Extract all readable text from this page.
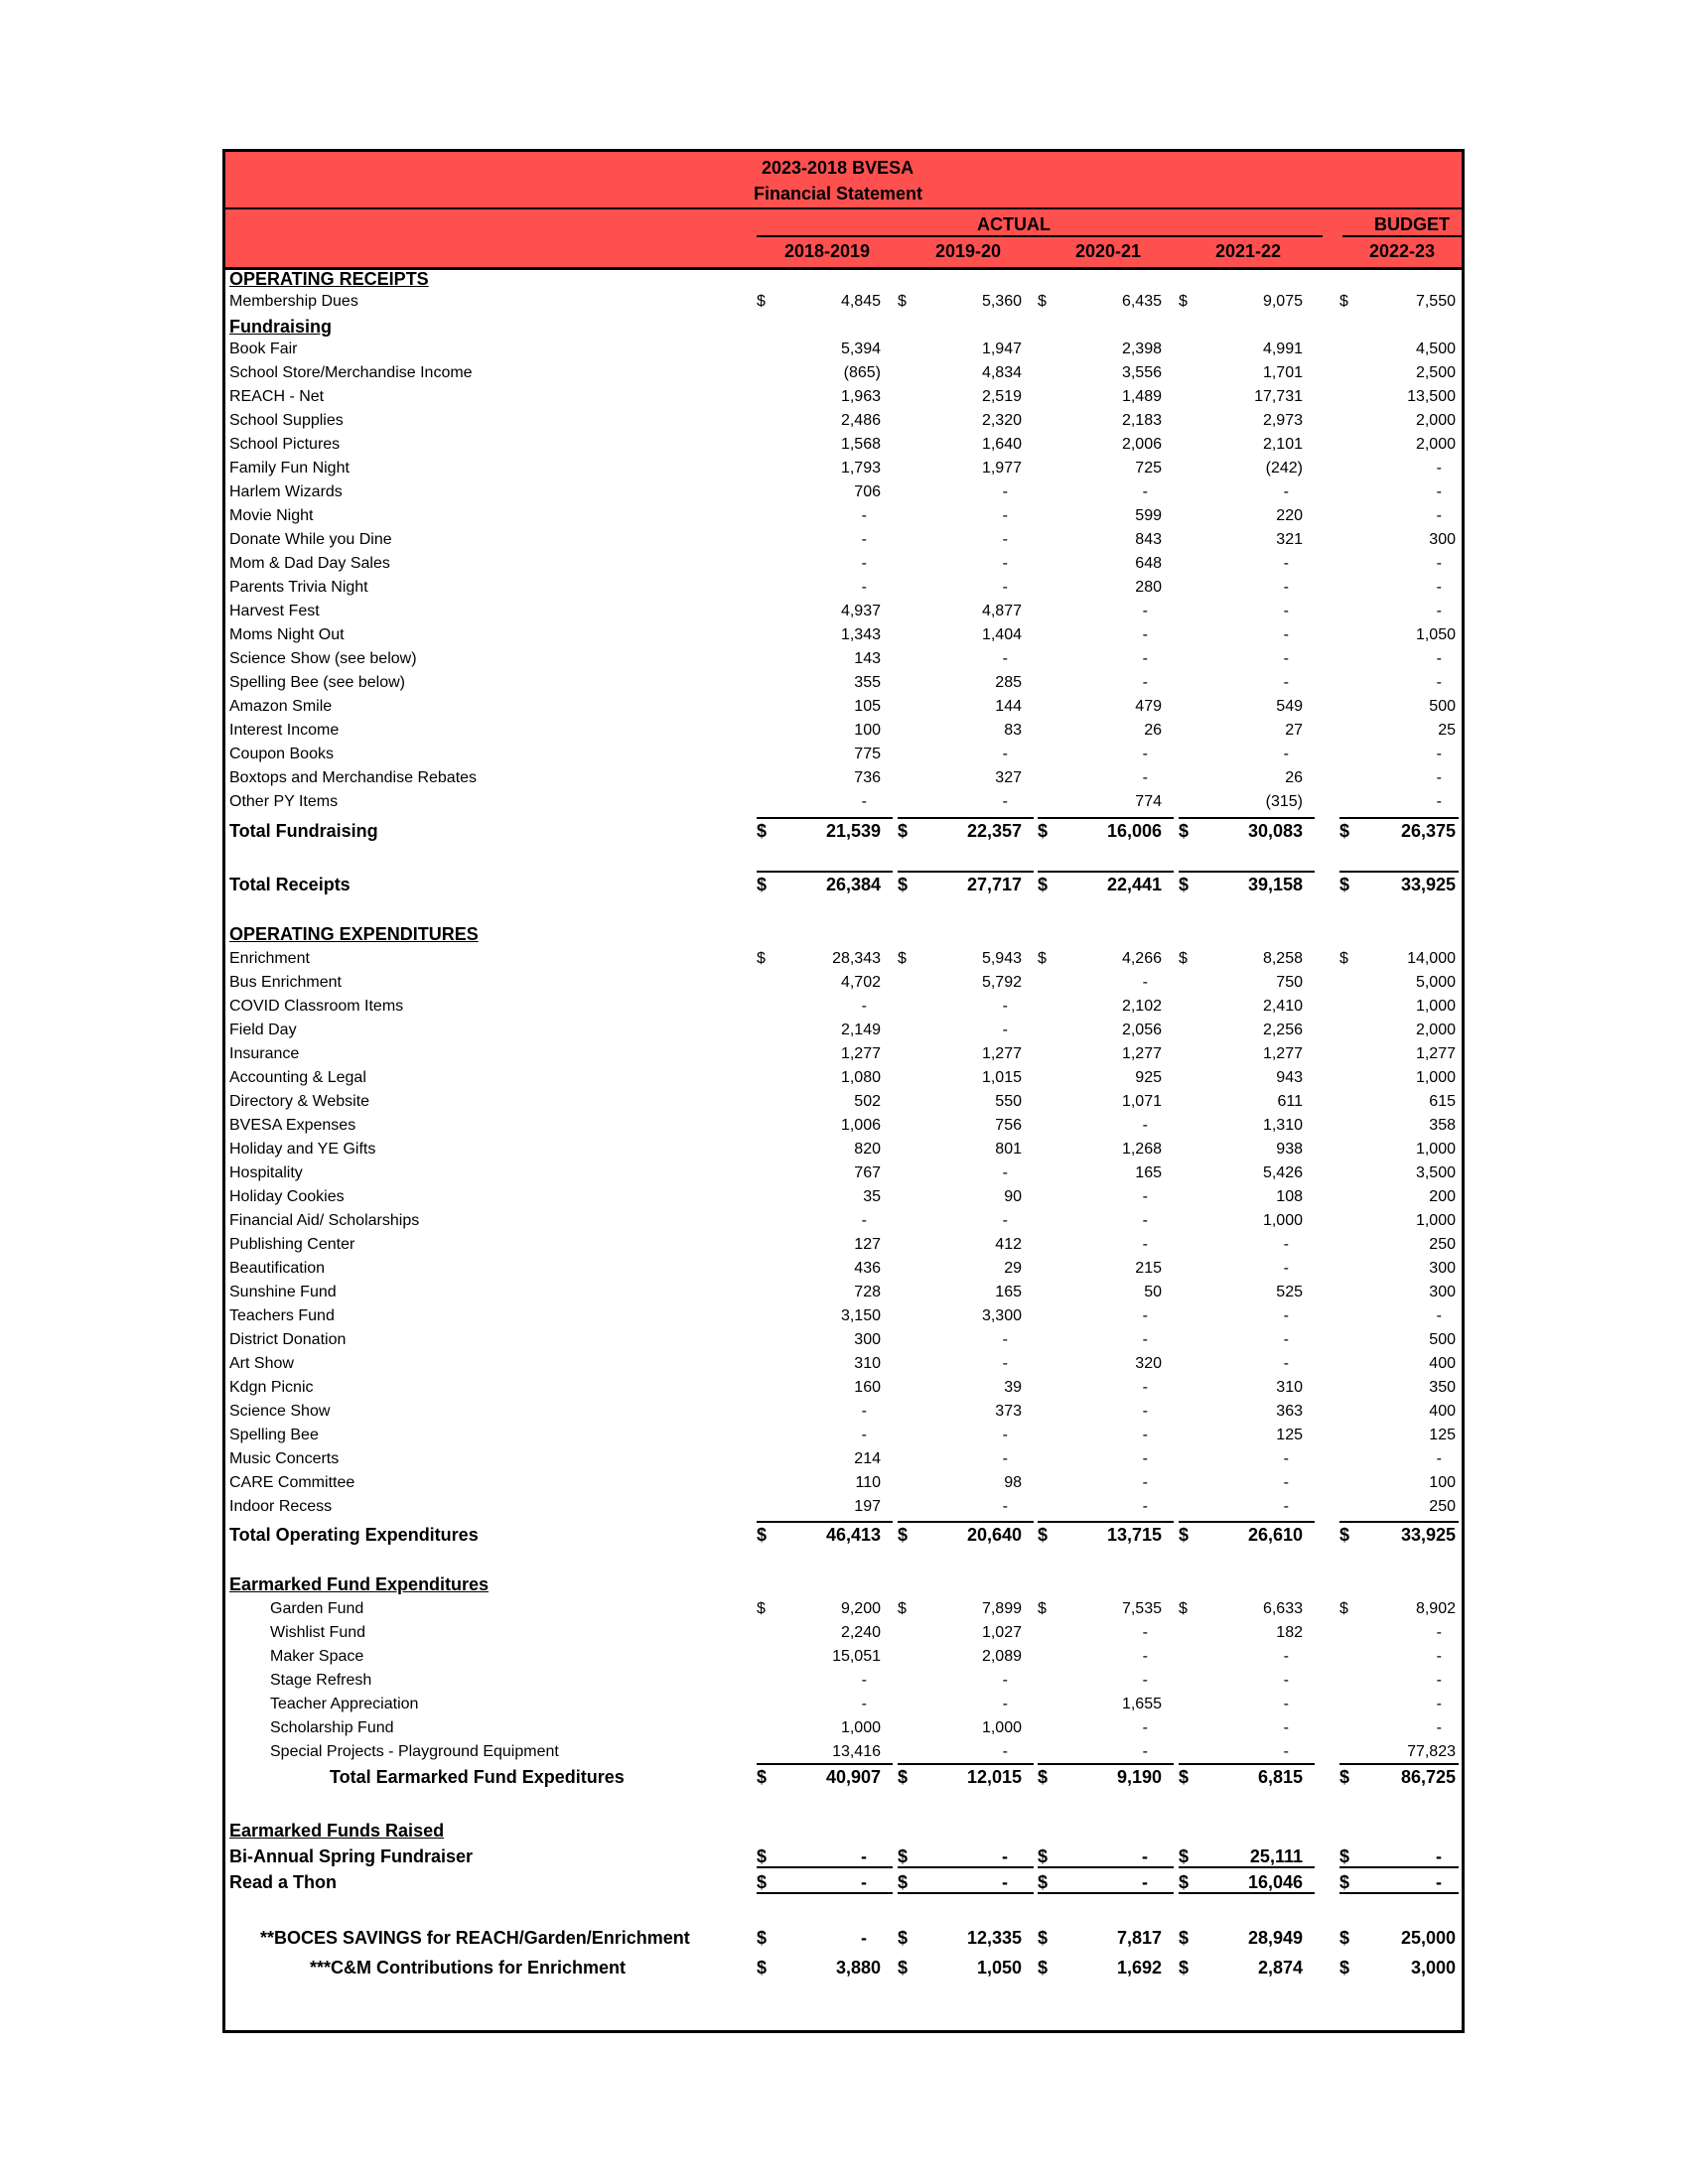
2023-2018 BVESA
Financial Statement
ACTUAL	BUDGET
2018-2019	2019-20	2020-21	2021-22	2022-23
OPERATING RECEIPTS
Membership Dues	$	4,845 $	5,360 $	6,435 $	9,075 $	7,550
Fundraising
Book Fair	5,394	1,947	2,398	4,991	4,500
School Store/Merchandise Income	(865)	4,834	3,556	1,701	2,500
REACH - Net	1,963	2,519	1,489	17,731	13,500
School Supplies	2,486	2,320	2,183	2,973	2,000
School Pictures	1,568	1,640	2,006	2,101	2,000
Family Fun Night	1,793	1,977	725	(242)	-
Harlem Wizards	706	-	-	-	-
Movie Night	-	-	599	220	-
Donate While you Dine	-	-	843	321	300
Mom & Dad Day Sales	-	-	648	-	-
Parents Trivia Night	-	-	280	-	-
Harvest Fest	4,937	4,877	-	-	-
Moms Night Out	1,343	1,404	-	-	1,050
Science Show (see below)	143	-	-	-	-
Spelling Bee (see below)	355	285	-	-	-
Amazon Smile	105	144	479	549	500
Interest Income	100	83	26	27	25
Coupon Books	775	-	-	-	-
Boxtops and Merchandise Rebates	736	327	-	26	-
Other PY Items	-	-	774	(315)	-
Total Fundraising	$	21,539 $	22,357 $	16,006 $	30,083 $	26,375
Total Receipts	$	26,384 $	27,717 $	22,441 $	39,158 $	33,925
OPERATING EXPENDITURES
Enrichment	$	28,343 $	5,943 $	4,266 $	8,258 $	14,000
Bus Enrichment	4,702	5,792	-	750	5,000
COVID Classroom Items	-	-	2,102	2,410	1,000
Field Day	2,149	-	2,056	2,256	2,000
Insurance	1,277	1,277	1,277	1,277	1,277
Accounting & Legal	1,080	1,015	925	943	1,000
Directory & Website	502	550	1,071	611	615
BVESA Expenses	1,006	756	-	1,310	358
Holiday and YE Gifts	820	801	1,268	938	1,000
Hospitality	767	-	165	5,426	3,500
Holiday Cookies	35	90	-	108	200
Financial Aid/ Scholarships	-	-	-	1,000	1,000
Publishing Center	127	412	-	-	250
Beautification	436	29	215	-	300
Sunshine Fund	728	165	50	525	300
Teachers Fund	3,150	3,300	-	-	-
District Donation	300	-	-	-	500
Art Show	310	-	320	-	400
Kdgn Picnic	160	39	-	310	350
Science Show	-	373	-	363	400
Spelling Bee	-	-	-	125	125
Music Concerts	214	-	-	-	-
CARE Committee	110	98	-	-	100
Indoor Recess	197	-	-	-	250
Total Operating Expenditures	$	46,413 $	20,640 $	13,715 $	26,610 $	33,925
Earmarked Fund Expenditures
Garden Fund	$	9,200 $	7,899 $	7,535 $	6,633 $	8,902
Wishlist Fund	2,240	1,027	-	182	-
Maker Space	15,051	2,089	-	-	-
Stage Refresh	-	-	-	-	-
Teacher Appreciation	-	-	1,655	-	-
Scholarship Fund	1,000	1,000	-	-	-
Special Projects - Playground Equipment	13,416	-	-	-	77,823
Total Earmarked Fund Expeditures	$	40,907 $	12,015 $	9,190 $	6,815 $	86,725
Earmarked Funds Raised
Bi-Annual Spring Fundraiser	$	- $	- $	- $	25,111 $	-
Read a Thon	$	- $	- $	- $	16,046 $	-
**BOCES SAVINGS for REACH/Garden/Enrichment	$	- $	12,335 $	7,817 $	28,949 $	25,000
***C&M Contributions for Enrichment	$	3,880 $	1,050 $	1,692 $	2,874 $	3,000
